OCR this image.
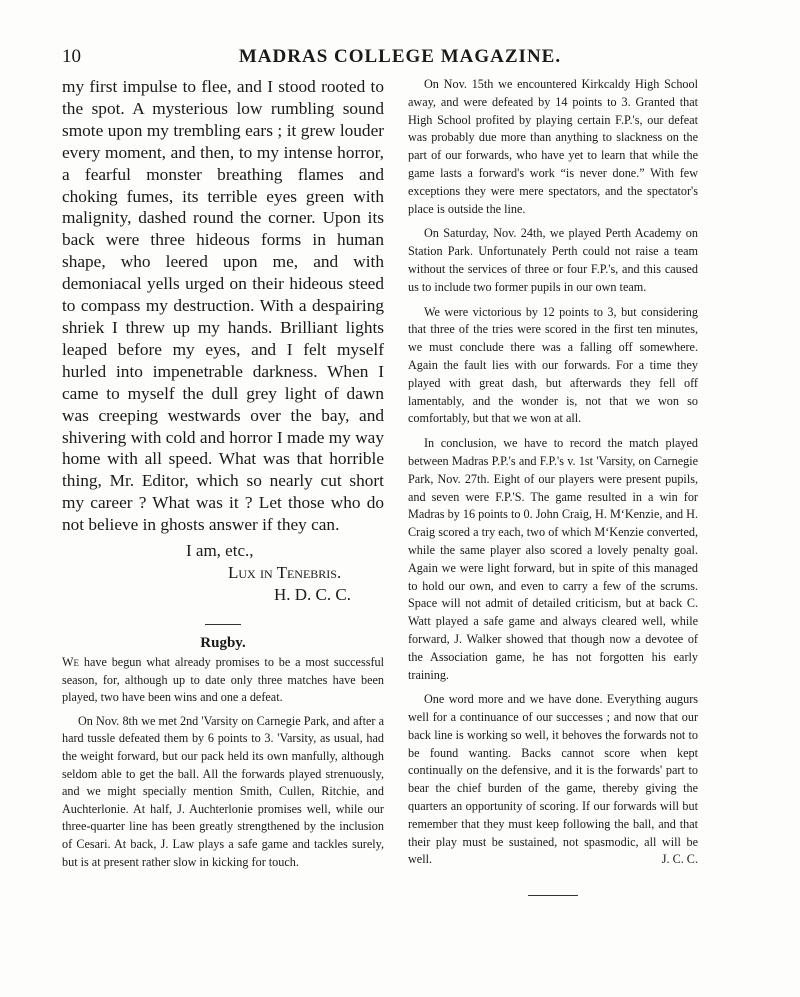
10	MADRAS COLLEGE MAGAZINE.

my first impulse to flee, and I stood rooted to the spot. A mysterious low rumbling sound smote upon my trembling ears ; it grew louder every moment, and then, to my intense horror, a fearful monster breathing flames and choking fumes, its terrible eyes green with malignity, dashed round the corner. Upon its back were three hideous forms in human shape, who leered upon me, and with demoniacal yells urged on their hideous steed to compass my destruction. With a despairing shriek I threw up my hands. Brilliant lights leaped before my eyes, and I felt myself hurled into impenetrable darkness. When I came to myself the dull grey light of dawn was creeping westwards over the bay, and shivering with cold and horror I made my way home with all speed. What was that horrible thing, Mr. Editor, which so nearly cut short my career ? What was it ? Let those who do not believe in ghosts answer if they can.

I am, etc.,
Lux in Tenebris.
H. D. C. C.
Rugby.

We have begun what already promises to be a most successful season, for, although up to date only three matches have been played, two have been wins and one a defeat.

On Nov. 8th we met 2nd 'Varsity on Carnegie Park, and after a hard tussle defeated them by 6 points to 3. 'Varsity, as usual, had the weight forward, but our pack held its own manfully, although seldom able to get the ball. All the forwards played strenuously, and we might specially mention Smith, Cullen, Ritchie, and Auchterlonie. At half, J. Auchterlonie promises well, while our three-quarter line has been greatly strengthened by the inclusion of Cesari. At back, J. Law plays a safe game and tackles surely, but is at present rather slow in kicking for touch.

On Nov. 15th we encountered Kirkcaldy High School away, and were defeated by 14 points to 3. Granted that High School profited by playing certain F.P.'s, our defeat was probably due more than anything to slackness on the part of our forwards, who have yet to learn that while the game lasts a forward's work “is never done.” With few exceptions they were mere spectators, and the spectator's place is outside the line.

On Saturday, Nov. 24th, we played Perth Academy on Station Park. Unfortunately Perth could not raise a team without the services of three or four F.P.'s, and this caused us to include two former pupils in our own team.

We were victorious by 12 points to 3, but considering that three of the tries were scored in the first ten minutes, we must conclude there was a falling off somewhere. Again the fault lies with our forwards. For a time they played with great dash, but afterwards they fell off lamentably, and the wonder is, not that we won so comfortably, but that we won at all.

In conclusion, we have to record the match played between Madras P.P.'s and F.P.'s v. 1st 'Varsity, on Carnegie Park, Nov. 27th. Eight of our players were present pupils, and seven were F.P.'S. The game resulted in a win for Madras by 16 points to 0. John Craig, H. M‘Kenzie, and H. Craig scored a try each, two of which M‘Kenzie converted, while the same player also scored a lovely penalty goal. Again we were light forward, but in spite of this managed to hold our own, and even to carry a few of the scrums. Space will not admit of detailed criticism, but at back C. Watt played a safe game and always cleared well, while forward, J. Walker showed that though now a devotee of the Association game, he has not forgotten his early training.

One word more and we have done. Everything augurs well for a continuance of our successes ; and now that our back line is working so well, it behoves the forwards not to be found wanting. Backs cannot score when kept continually on the defensive, and it is the forwards' part to bear the chief burden of the game, thereby giving the quarters an opportunity of scoring. If our forwards will but remember that they must keep following the ball, and that their play must be sustained, not spasmodic, all will be well.	J. C. C.
